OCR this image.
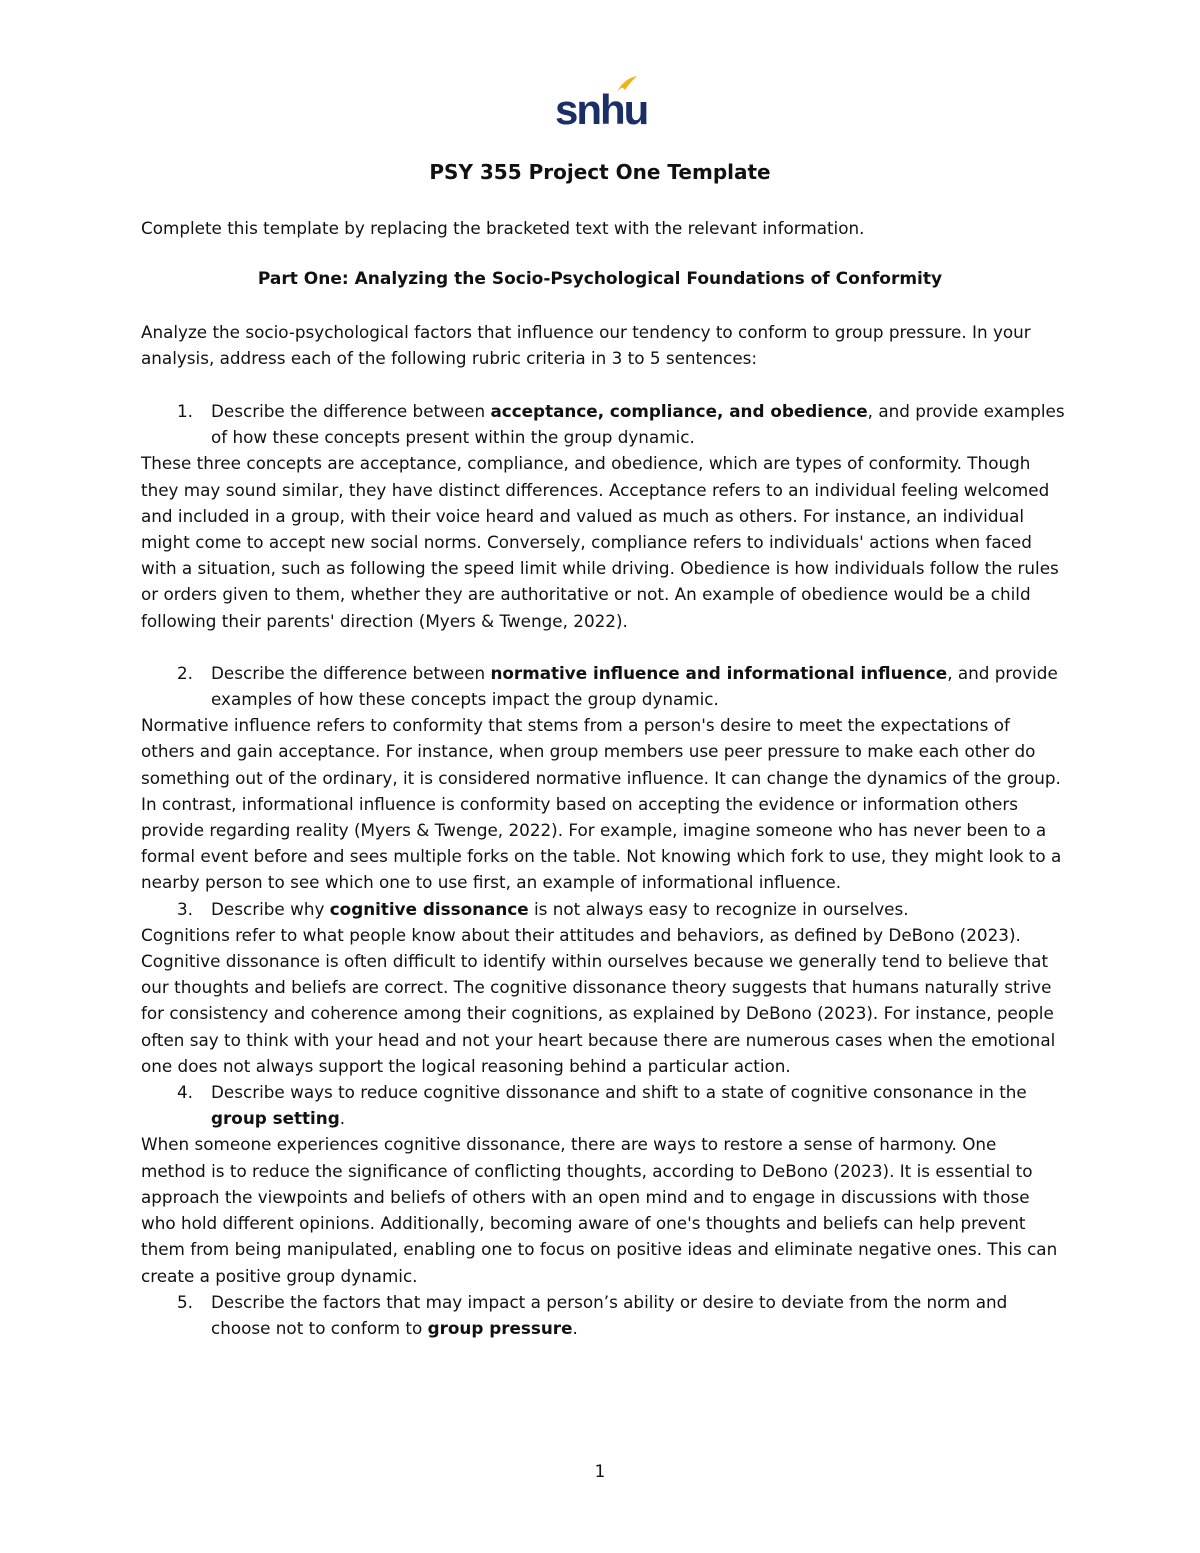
snhu
PSY 355 Project One Template

Complete this template by replacing the bracketed text with the relevant information.

Part One: Analyzing the Socio-Psychological Foundations of Conformity

Analyze the socio-psychological factors that influence our tendency to conform to group pressure. In your analysis, address each of the following rubric criteria in 3 to 5 sentences:

1. Describe the difference between acceptance, compliance, and obedience, and provide examples of how these concepts present within the group dynamic.

These three concepts are acceptance, compliance, and obedience, which are types of conformity. Though they may sound similar, they have distinct differences. Acceptance refers to an individual feeling welcomed and included in a group, with their voice heard and valued as much as others. For instance, an individual might come to accept new social norms. Conversely, compliance refers to individuals' actions when faced with a situation, such as following the speed limit while driving. Obedience is how individuals follow the rules or orders given to them, whether they are authoritative or not. An example of obedience would be a child following their parents' direction (Myers & Twenge, 2022).

2. Describe the difference between normative influence and informational influence, and provide examples of how these concepts impact the group dynamic.

Normative influence refers to conformity that stems from a person's desire to meet the expectations of others and gain acceptance. For instance, when group members use peer pressure to make each other do something out of the ordinary, it is considered normative influence. It can change the dynamics of the group. In contrast, informational influence is conformity based on accepting the evidence or information others provide regarding reality (Myers & Twenge, 2022). For example, imagine someone who has never been to a formal event before and sees multiple forks on the table. Not knowing which fork to use, they might look to a nearby person to see which one to use first, an example of informational influence.

3. Describe why cognitive dissonance is not always easy to recognize in ourselves.

Cognitions refer to what people know about their attitudes and behaviors, as defined by DeBono (2023). Cognitive dissonance is often difficult to identify within ourselves because we generally tend to believe that our thoughts and beliefs are correct. The cognitive dissonance theory suggests that humans naturally strive for consistency and coherence among their cognitions, as explained by DeBono (2023). For instance, people often say to think with your head and not your heart because there are numerous cases when the emotional one does not always support the logical reasoning behind a particular action.

4. Describe ways to reduce cognitive dissonance and shift to a state of cognitive consonance in the group setting.

When someone experiences cognitive dissonance, there are ways to restore a sense of harmony. One method is to reduce the significance of conflicting thoughts, according to DeBono (2023). It is essential to approach the viewpoints and beliefs of others with an open mind and to engage in discussions with those who hold different opinions. Additionally, becoming aware of one's thoughts and beliefs can help prevent them from being manipulated, enabling one to focus on positive ideas and eliminate negative ones. This can create a positive group dynamic.

5. Describe the factors that may impact a person’s ability or desire to deviate from the norm and choose not to conform to group pressure.
1
